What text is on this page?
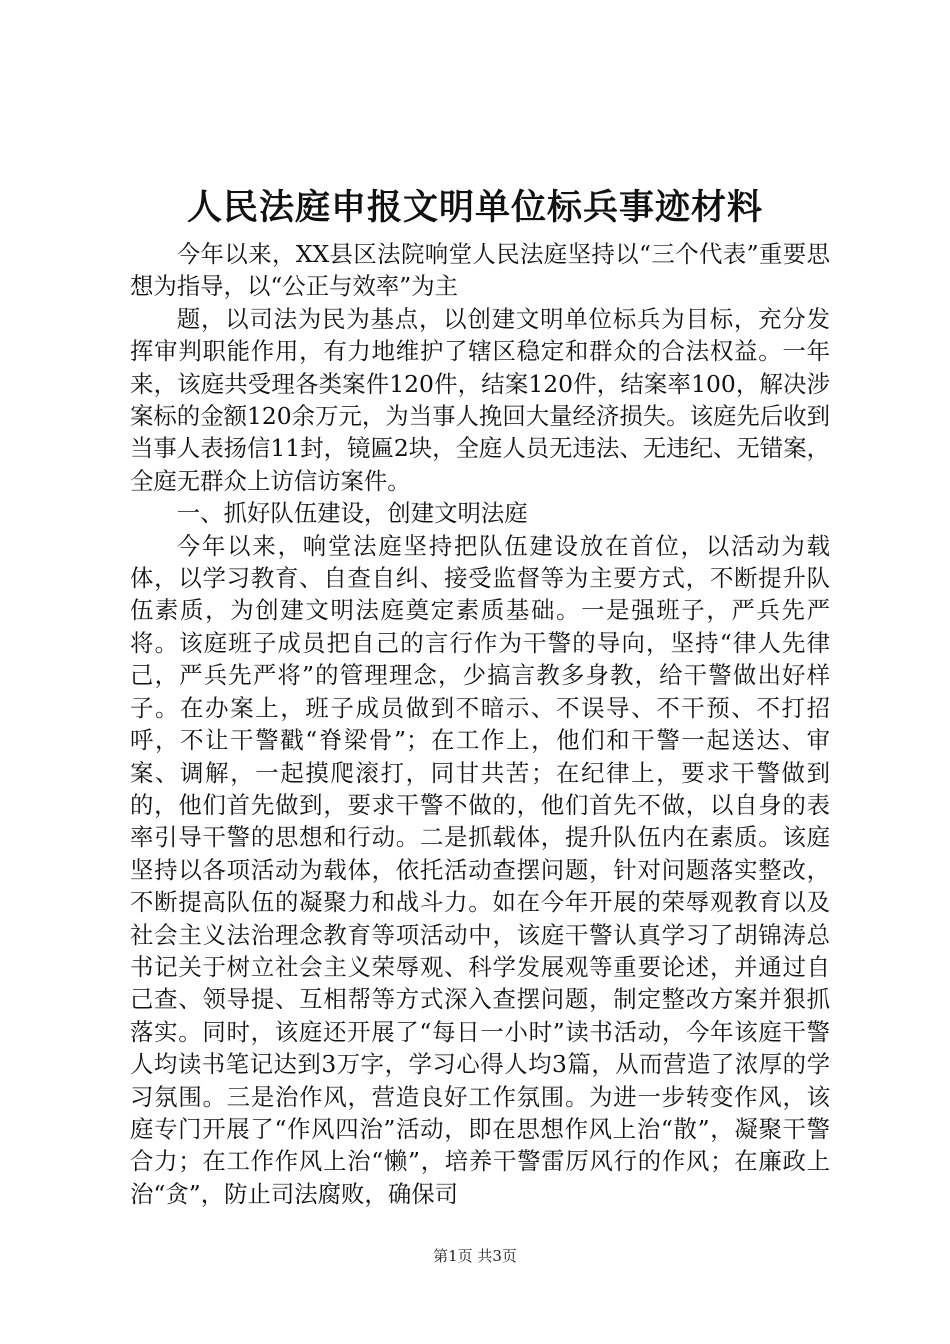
人民法庭申报文明单位标兵事迹材料

今年以来，XX县区法院响堂人民法庭坚持以“三个代表”重要思想为指导，以“公正与效率”为主

题，以司法为民为基点，以创建文明单位标兵为目标，充分发挥审判职能作用，有力地维护了辖区稳定和群众的合法权益。一年来，该庭共受理各类案件120件，结案120件，结案率100，解决涉案标的金额120余万元，为当事人挽回大量经济损失。该庭先后收到当事人表扬信11封，镜匾2块，全庭人员无违法、无违纪、无错案，全庭无群众上访信访案件。

一、抓好队伍建设，创建文明法庭

今年以来，响堂法庭坚持把队伍建设放在首位，以活动为载体，以学习教育、自查自纠、接受监督等为主要方式，不断提升队伍素质，为创建文明法庭奠定素质基础。一是强班子，严兵先严将。该庭班子成员把自己的言行作为干警的导向，坚持“律人先律己，严兵先严将”的管理理念，少搞言教多身教，给干警做出好样子。在办案上，班子成员做到不暗示、不误导、不干预、不打招呼，不让干警戳“脊梁骨”；在工作上，他们和干警一起送达、审案、调解，一起摸爬滚打，同甘共苦；在纪律上，要求干警做到的，他们首先做到，要求干警不做的，他们首先不做，以自身的表率引导干警的思想和行动。二是抓载体，提升队伍内在素质。该庭坚持以各项活动为载体，依托活动查摆问题，针对问题落实整改，不断提高队伍的凝聚力和战斗力。如在今年开展的荣辱观教育以及社会主义法治理念教育等项活动中，该庭干警认真学习了胡锦涛总书记关于树立社会主义荣辱观、科学发展观等重要论述，并通过自己查、领导提、互相帮等方式深入查摆问题，制定整改方案并狠抓落实。同时，该庭还开展了“每日一小时”读书活动，今年该庭干警人均读书笔记达到3万字，学习心得人均3篇，从而营造了浓厚的学习氛围。三是治作风，营造良好工作氛围。为进一步转变作风，该庭专门开展了“作风四治”活动，即在思想作风上治“散”，凝聚干警合力；在工作作风上治“懒”，培养干警雷厉风行的作风；在廉政上治“贪”，防止司法腐败，确保司

第1页 共3页
